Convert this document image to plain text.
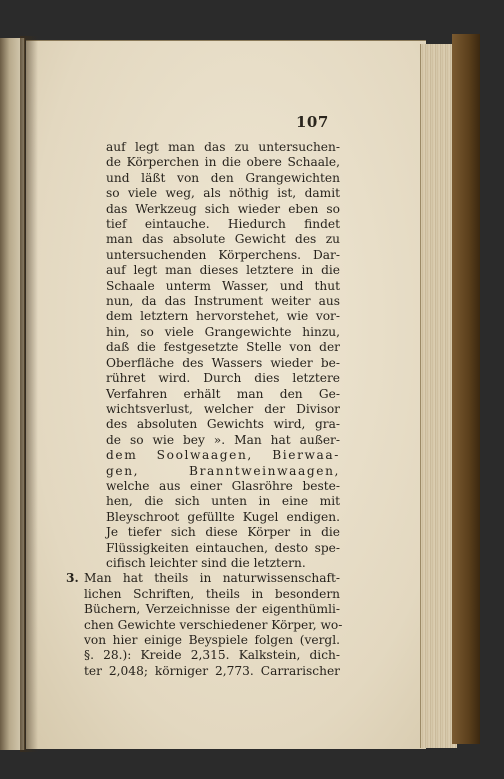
107
auf legt man das zu untersuchen-
de Körperchen in die obere Schaale,
und läßt von den Grangewichten
so viele weg, als nöthig ist, damit
das Werkzeug sich wieder eben so
tief eintauche. Hiedurch findet
man das absolute Gewicht des zu
untersuchenden Körperchens. Dar-
auf legt man dieses letztere in die
Schaale unterm Wasser, und thut
nun, da das Instrument weiter aus
dem letztern hervorstehet, wie vor-
hin, so viele Grangewichte hinzu,
daß die festgesetzte Stelle von der
Oberfläche des Wassers wieder be-
rühret wird. Durch dies letztere
Verfahren erhält man den Ge-
wichtsverlust, welcher der Divisor
des absoluten Gewichts wird, gra-
de so wie bey ». Man hat außer-
dem Soolwaagen, Bierwaa-
gen, Branntweinwaagen,
welche aus einer Glasröhre beste-
hen, die sich unten in eine mit
Bleyschroot gefüllte Kugel endigen.
Je tiefer sich diese Körper in die
Flüssigkeiten eintauchen, desto spe-
cifisch leichter sind die letztern.
3. Man hat theils in naturwissenschaft-
lichen Schriften, theils in besondern
Büchern, Verzeichnisse der eigenthümli-
chen Gewichte verschiedener Körper, wo-
von hier einige Beyspiele folgen (vergl.
§. 28.): Kreide 2,315. Kalkstein, dich-
ter 2,048; körniger 2,773. Carrarischer
